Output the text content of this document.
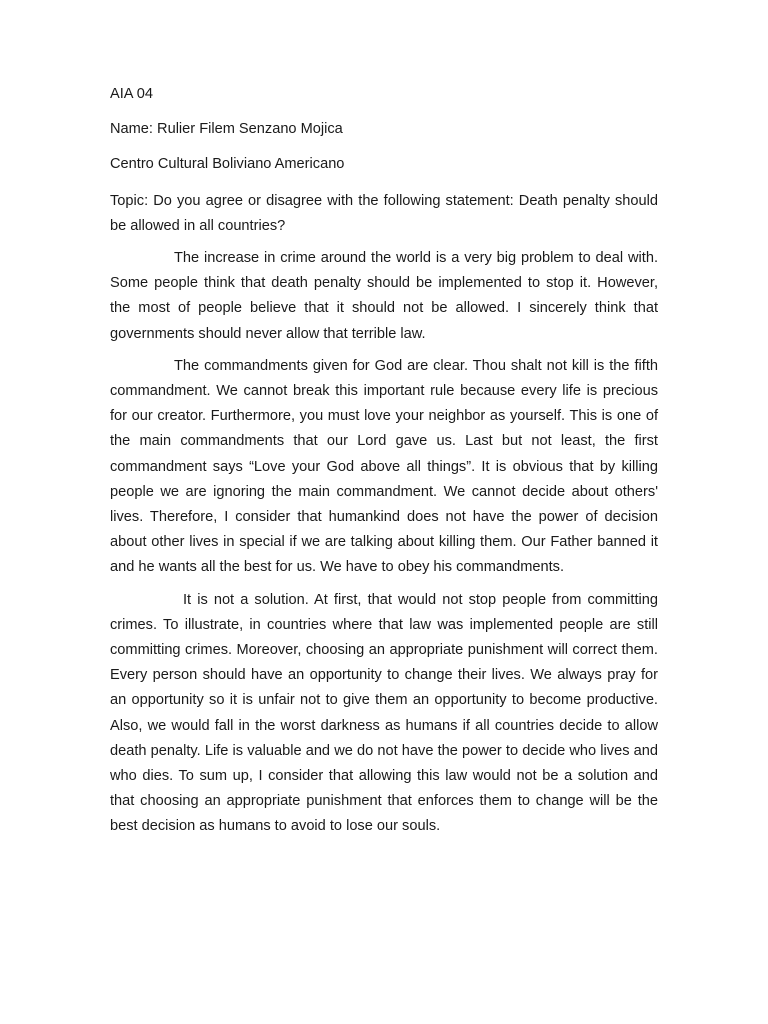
AIA 04

Name: Rulier Filem Senzano Mojica

Centro Cultural Boliviano Americano

Topic: Do you agree or disagree with the following statement: Death penalty should be allowed in all countries?

The increase in crime around the world is a very big problem to deal with. Some people think that death penalty should be implemented to stop it. However, the most of people believe that it should not be allowed. I sincerely think that governments should never allow that terrible law.

The commandments given for God are clear. Thou shalt not kill is the fifth commandment. We cannot break this important rule because every life is precious for our creator. Furthermore, you must love your neighbor as yourself. This is one of the main commandments that our Lord gave us. Last but not least, the first commandment says “Love your God above all things”. It is obvious that by killing people we are ignoring the main commandment. We cannot decide about others' lives. Therefore, I consider that humankind does not have the power of decision about other lives in special if we are talking about killing them. Our Father banned it and he wants all the best for us. We have to obey his commandments.

It is not a solution. At first, that would not stop people from committing crimes. To illustrate, in countries where that law was implemented people are still committing crimes. Moreover, choosing an appropriate punishment will correct them. Every person should have an opportunity to change their lives. We always pray for an opportunity so it is unfair not to give them an opportunity to become productive. Also, we would fall in the worst darkness as humans if all countries decide to allow death penalty. Life is valuable and we do not have the power to decide who lives and who dies. To sum up, I consider that allowing this law would not be a solution and that choosing an appropriate punishment that enforces them to change will be the best decision as humans to avoid to lose our souls.
